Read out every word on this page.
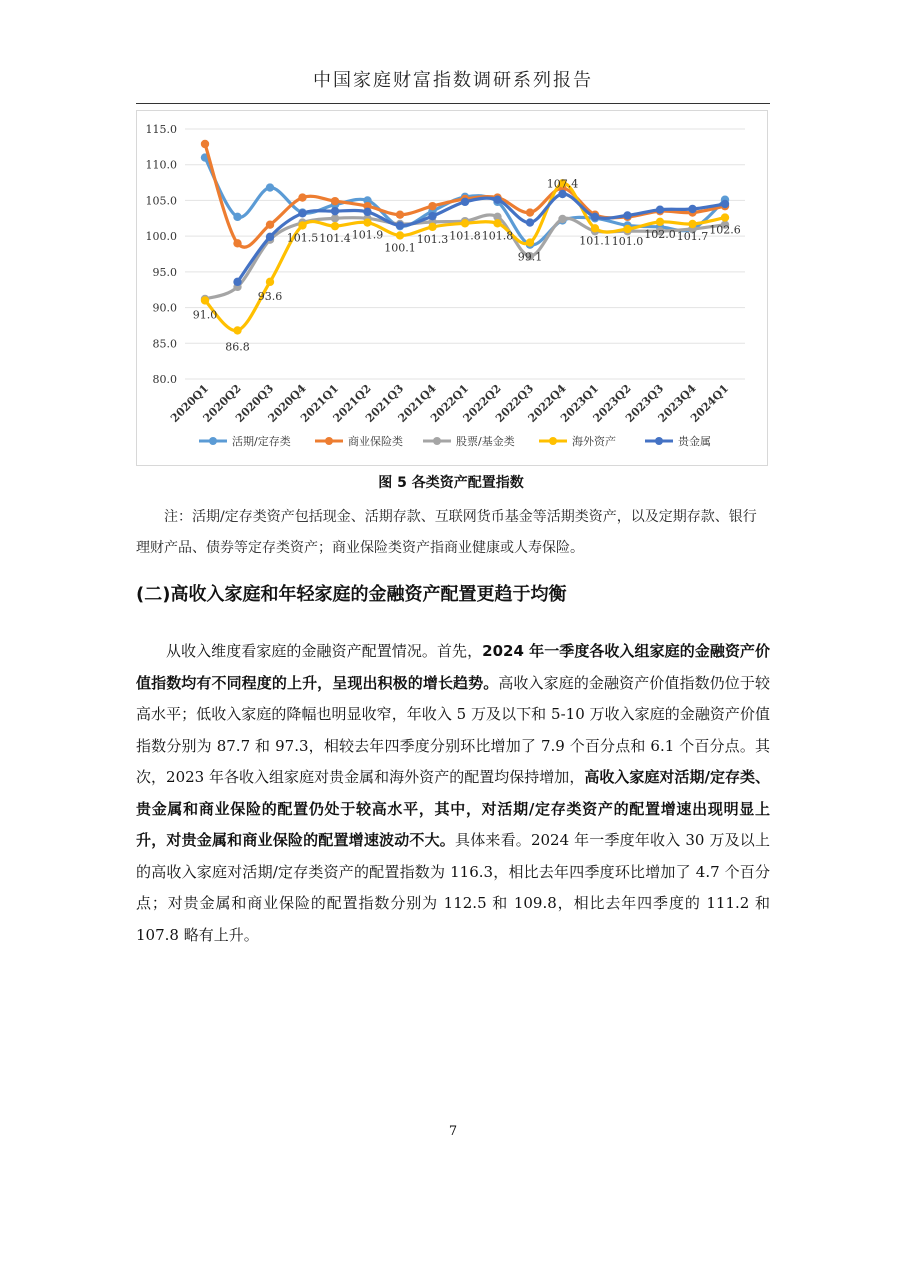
中国家庭财富指数调研系列报告
115.0
110.0
105.0
100.0
95.0
90.0
85.0
80.0
2020Q1
2020Q2
2020Q3
2020Q4
2021Q1
2021Q2
2021Q3
2021Q4
2022Q1
2022Q2
2022Q3
2022Q4
2023Q1
2023Q2
2023Q3
2023Q4
2024Q1
91.0
86.8
93.6
101.5 101.4 101.9
100.1
101.3 101.8 101.8
99.1
107.4
101.1 101.0
102.0 101.7 102.6
活期/定存类	商业保险类	股票/基金类	海外资产	贵金属
图 5 各类资产配置指数
注：活期/定存类资产包括现金、活期存款、互联网货币基金等活期类资产，以及定期存款、银行理财产品、债券等定存类资产；商业保险类资产指商业健康或人寿保险。
(二)高收入家庭和年轻家庭的金融资产配置更趋于均衡
从收入维度看家庭的金融资产配置情况。首先，2024 年一季度各收入组家庭的金融资产价值指数均有不同程度的上升，呈现出积极的增长趋势。高收入家庭的金融资产价值指数仍位于较高水平；低收入家庭的降幅也明显收窄，年收入 5 万及以下和 5-10 万收入家庭的金融资产价值指数分别为 87.7 和 97.3，相较去年四季度分别环比增加了 7.9 个百分点和 6.1 个百分点。其次，2023 年各收入组家庭对贵金属和海外资产的配置均保持增加，高收入家庭对活期/定存类、贵金属和商业保险的配置仍处于较高水平，其中，对活期/定存类资产的配置增速出现明显上升，对贵金属和商业保险的配置增速波动不大。具体来看。2024 年一季度年收入 30 万及以上的高收入家庭对活期/定存类资产的配置指数为 116.3，相比去年四季度环比增加了 4.7 个百分点；对贵金属和商业保险的配置指数分别为 112.5 和 109.8，相比去年四季度的 111.2 和 107.8 略有上升。
7
